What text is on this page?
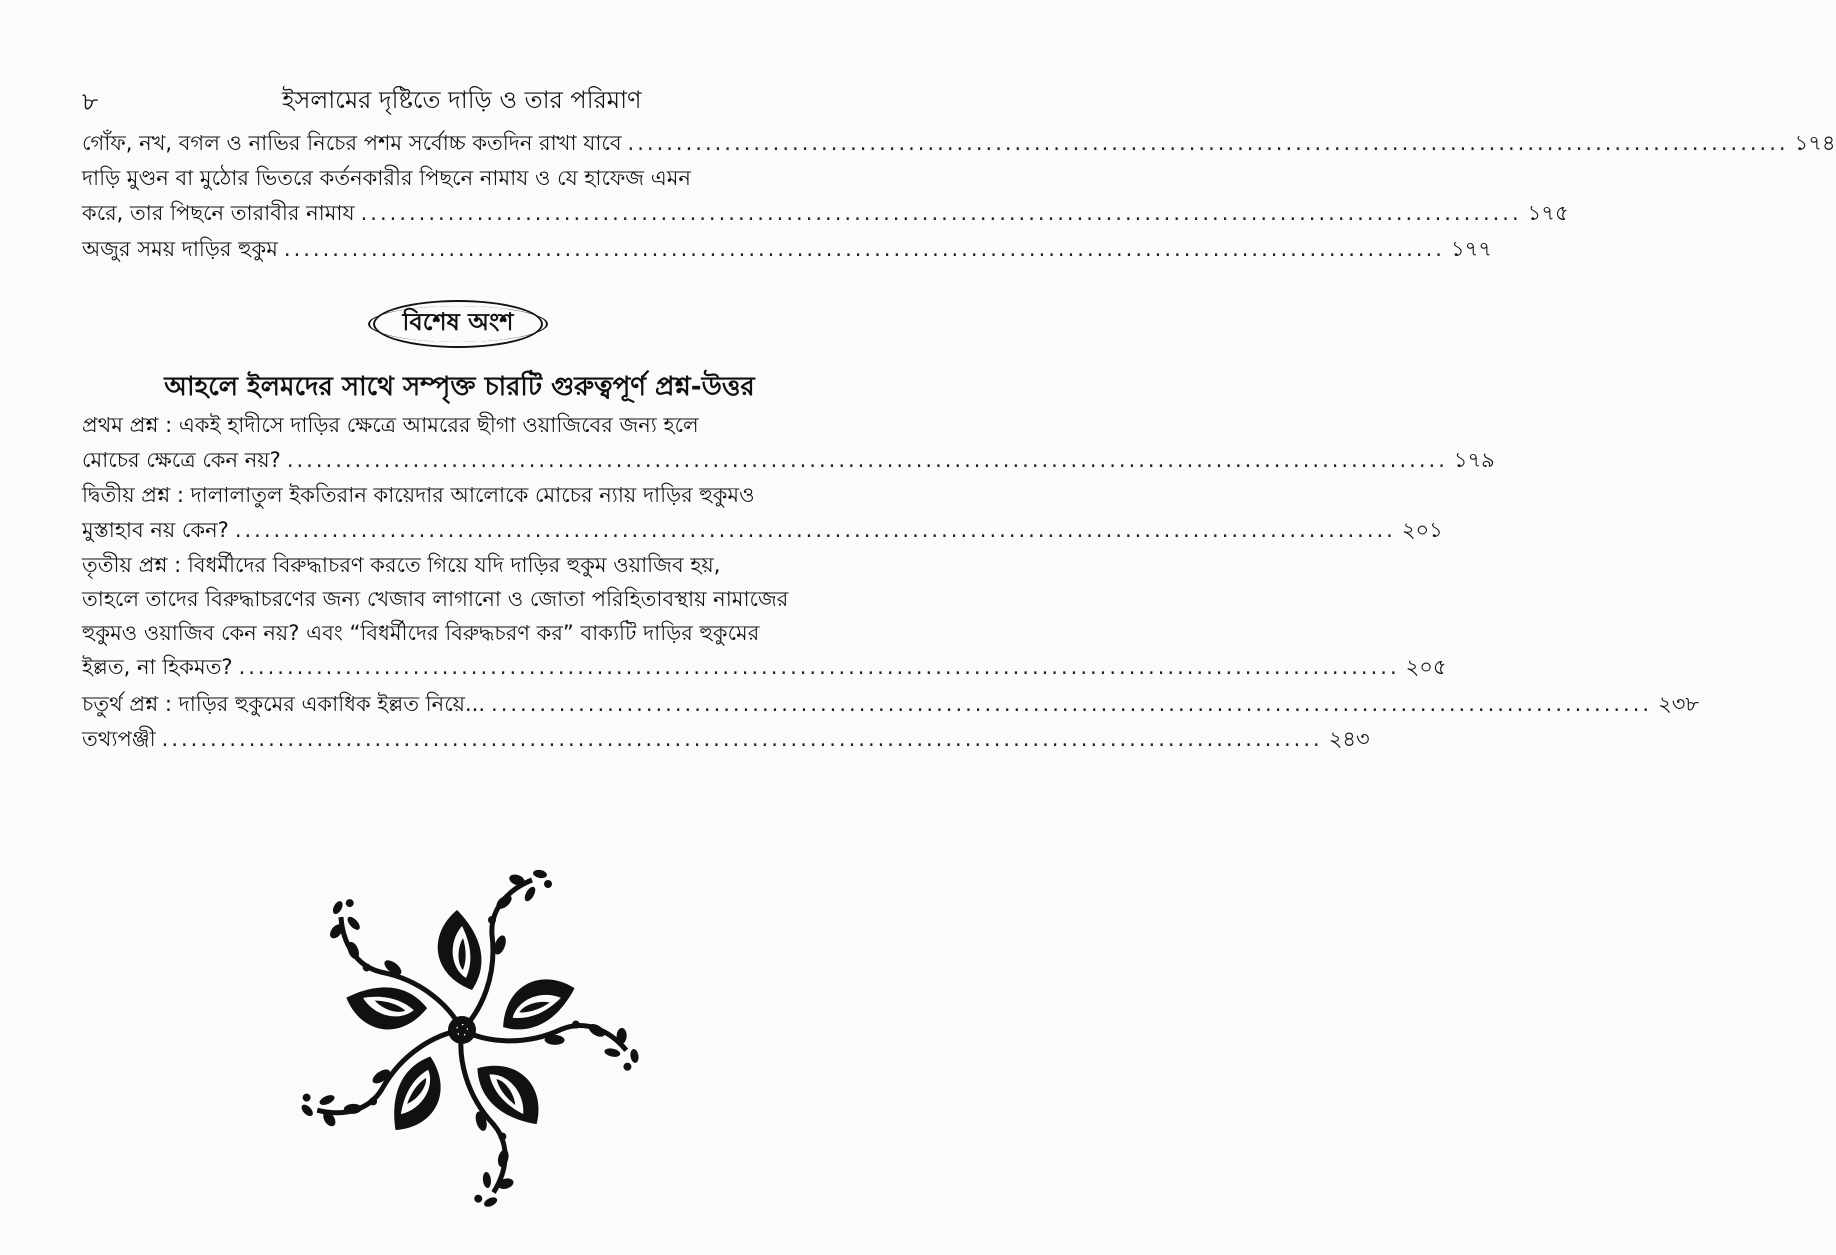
৮	ইসলামের দৃষ্টিতে দাড়ি ও তার পরিমাণ
গোঁফ, নখ, বগল ও নাভির নিচের পশম সর্বোচ্চ কতদিন রাখা যাবে ........................................................................................................................ ১৭৪
দাড়ি মুণ্ডন বা মুঠোর ভিতরে কর্তনকারীর পিছনে নামায ও যে হাফেজ এমন
করে, তার পিছনে তারাবীর নামায ........................................................................................................................ ১৭৫
অজুর সময় দাড়ির হুকুম ........................................................................................................................ ১৭৭
বিশেষ অংশ
আহলে ইলমদের সাথে সম্পৃক্ত চারটি গুরুত্বপূর্ণ প্রশ্ন-উত্তর
প্রথম প্রশ্ন : একই হাদীসে দাড়ির ক্ষেত্রে আমরের ছীগা ওয়াজিবের জন্য হলে
মোচের ক্ষেত্রে কেন নয়? ........................................................................................................................ ১৭৯
দ্বিতীয় প্রশ্ন : দালালাতুল ইকতিরান কায়েদার আলোকে মোচের ন্যায় দাড়ির হুকুমও
মুস্তাহাব নয় কেন? ........................................................................................................................ ২০১
তৃতীয় প্রশ্ন : বিধর্মীদের বিরুদ্ধাচরণ করতে গিয়ে যদি দাড়ির হুকুম ওয়াজিব হয়,
তাহলে তাদের বিরুদ্ধাচরণের জন্য খেজাব লাগানো ও জোতা পরিহিতাবস্থায় নামাজের
হুকুমও ওয়াজিব কেন নয়? এবং “বিধর্মীদের বিরুদ্ধচরণ কর” বাক্যটি দাড়ির হুকুমের
ইল্লত, না হিকমত? ........................................................................................................................ ২০৫
চতুর্থ প্রশ্ন : দাড়ির হুকুমের একাধিক ইল্লত নিয়ে... ........................................................................................................................ ২৩৮
তথ্যপঞ্জী ........................................................................................................................ ২৪৩
